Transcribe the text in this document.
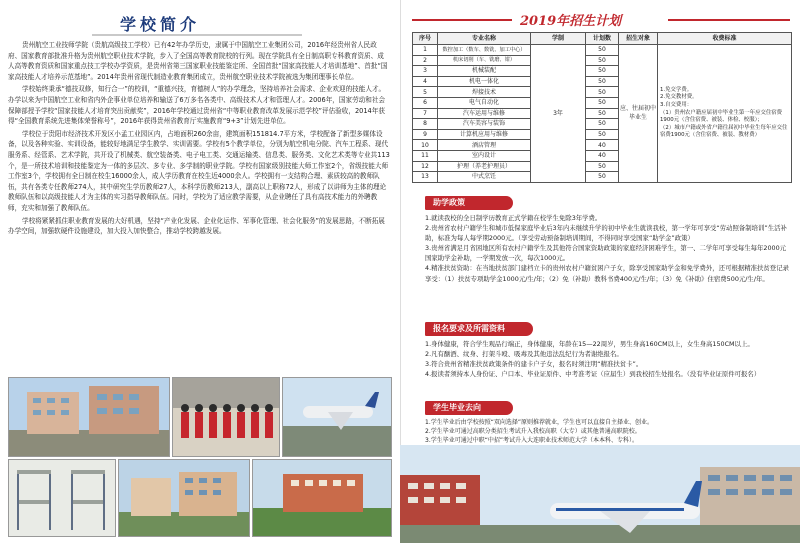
学校简介

贵州航空工业技师学院（贵航高级技工学校）已有42年办学历史，隶属于中国航空工业集团公司，2016年经贵州省人民政府、国家教育部批准升格为贵州航空职业技术学院，步入了全国高等教育院校的行列。现在学院具有全日制高职专科教育资质、成人高等教育资质和国家重点技工学校办学资质，是贵州省第三国家职业技能鉴定所、全国首批“国家高技能人才培训基地”、首批“国家高技能人才培养示范基地”。2014年贵州省现代制造业教育集团成立，贵州航空职业技术学院被选为集团理事长单位。

学校始终秉承“德技双修，知行合一”的校训，“重德兴技，育德树人”的办学理念，坚持培养社会需求、企业欢迎的技能人才。办学以来为中国航空工业和省内外企事业单位培养和输送了6万多名各类中、高级技术人才和管理人才。2006年，国家劳动和社会保障部授予学校“国家技能人才培育突出贡献奖”，2016年学校通过贵州省“中等职业教育改革发展示范学校”评估验收，2014年获得“全国教育系统先进集体荣誉称号”，2016年获得贵州省教育厅实施教育“9+3”计划先进单位。

学校位于贵阳市经济技术开发区小孟工业园区内，占地面积260余亩，建筑面积151814.7平方米，学校配备了新型多媒体设备，以及各种实验、实训设备，能较好地满足学生教学、实训需要。学校有5个教学单位，分别为航空机电分院、汽车工程系、现代服务系、经管系、艺术学院，共开设了机械类、航空装备类、电子电工类、交通运输类、信息类、服务类、文化艺术类等专业共113个，是一所技术培训和技能鉴定为一体的多层次、多专业、多学制的职业学院。学校有国家级别技能大师工作室2个，省级技能大师工作室3个，学校拥有全日制在校生16000余人，成人学历教育在校生近4000余人。学校拥有一支结构合理、素质较高的教师队伍，共有各类专任教师274人，其中研究生学历教师27人，本科学历教师213人，副高以上职称72人，形成了以讲师为主体的理论教师队伍和以高级技能人才为主体的实习指导教师队伍。同时，学校为了适应教学需要，从企业聘任了具有高技术能力的外聘教师，充实和加强了教师队伍。

学校将紧紧抓住职业教育发展的大好机遇，坚持“产业化发展、企业化运作、军事化管理、社会化服务”的发展思路，不断拓展办学空间，加强软硬件设施建设，加大投入加快整合，推动学校跨越发展。

2019年招生计划
序号	专业名称	学制	计划数	招生对象	收费标准
1	数控加工（数车、数铣、加工中心）	3年	50	应、往届初中毕业生	1.免交学费。
2.免交教材费。
3.自交费用：
（1）贵州农户籍应届初中毕业生第一年应交住宿费1900元（含住宿费、被装、体检、校服）；
（2）城市户籍或外省户籍往届初中毕业生每年应交住宿费1900元（含住宿费、被装、教材费）

2	机床切削（车、铣磨、钳）		50		
3	机械装配		50		
4	机电一体化		50		
5	焊接技术		50		
6	电气自动化		50		
7	汽车运用与维修		50		
8	汽车美容与装饰		50		
9	计算机应用与维修		50		
10	酒店管理		40		
11	室内设计		40		
12	护理（养老护理员）		50		
13	中式烹饪		50		
助学政策

1.就读我校的全日制学历教育正式学籍在校学生免除3年学费。

2.贵州省农村户籍学生和城市低保家庭毕业后3年内未继续升学的初中毕业生就读我校，第一学年可享受“劳动照备制培训”生活补助，标准为每人每学期2000元。（享受劳动预备制培训期间，不得同时享受国家“助学金”政策）

3.贵州省满足月省困地区所有农村户籍学生及其他符合国家资助政策的家庭经济困难学生，第一、二学年可享受每生每年2000元国家助学金补助，一学期发放一次，每次1000元。

4.精准扶贫资助：在当地扶贫部门建档立卡的贵州农村户籍贫困户子女，除享受国家助学金和免学费外，还可根据精准扶贫登记录享受：（1）扶贫专项助学金1000元/生/年；（2）免（补助）教科书费400元/生/年；（3）免《补助》住宿费500元/生/年。

报名要求及所需资料

1.身体健康，符合学生观品行端正，身体健康，年龄在15—22周岁，男生身高160CM以上，女生身高150CM以上。

2.凡有酗酒、纹身、打架斗殴、吸毒及其他违法乱纪行为者谢绝报名。

3.符合贵州省精准扶贫政策条件的建卡户子女，报名时须注明“精准扶贫卡”。

4.报读者须持本人身份证、户口本、毕业证原件、中考准考证（应届生）到我校招生处报名。（没有毕业证原件可报名）

学生毕业去向

1.学生毕业后由学校按照“双向选择”原则推荐就业，学生也可以直接自主择业、创业。

2.学生毕业可通过高职分类招生考试升入我校高职（大专）或其他普通高职院校。

3.学生毕业可通过中职“中招”考试升入大连职业技术师范大学（本本科、专科）。
